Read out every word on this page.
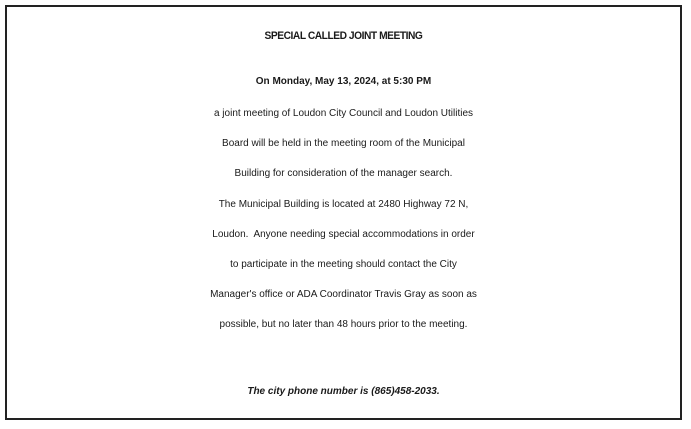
SPECIAL CALLED JOINT MEETING
On Monday, May 13, 2024, at 5:30 PM
a joint meeting of Loudon City Council and Loudon Utilities
Board will be held in the meeting room of the Municipal
Building for consideration of the manager search.
The Municipal Building is located at 2480 Highway 72 N,
Loudon.  Anyone needing special accommodations in order
to participate in the meeting should contact the City
Manager's office or ADA Coordinator Travis Gray as soon as
possible, but no later than 48 hours prior to the meeting.
The city phone number is (865)458-2033.
